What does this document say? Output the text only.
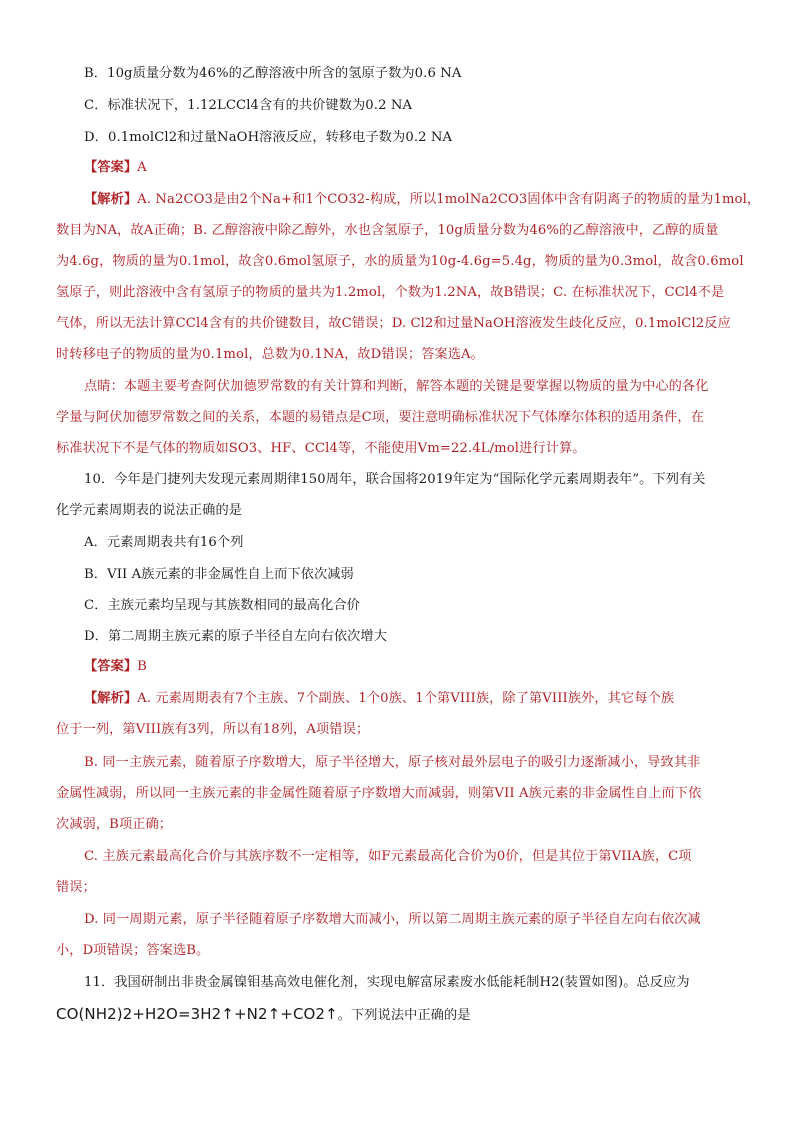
B．10g质量分数为46%的乙醇溶液中所含的氢原子数为0.6 NA
C．标准状况下，1.12LCCl4含有的共价键数为0.2 NA
D．0.1molCl2和过量NaOH溶液反应，转移电子数为0.2 NA
【答案】A
【解析】A. Na2CO3是由2个Na+和1个CO32-构成，所以1molNa2CO3固体中含有阴离子的物质的量为1mol，
数目为NA，故A正确；B. 乙醇溶液中除乙醇外，水也含氢原子，10g质量分数为46%的乙醇溶液中，乙醇的质量
为4.6g，物质的量为0.1mol，故含0.6mol氢原子，水的质量为10g-4.6g=5.4g，物质的量为0.3mol，故含0.6mol
氢原子，则此溶液中含有氢原子的物质的量共为1.2mol，个数为1.2NA，故B错误；C. 在标准状况下，CCl4不是
气体，所以无法计算CCl4含有的共价键数目，故C错误；D. Cl2和过量NaOH溶液发生歧化反应，0.1molCl2反应
时转移电子的物质的量为0.1mol，总数为0.1NA，故D错误；答案选A。
点睛：本题主要考查阿伏加德罗常数的有关计算和判断，解答本题的关键是要掌握以物质的量为中心的各化
学量与阿伏加德罗常数之间的关系，本题的易错点是C项，要注意明确标准状况下气体摩尔体积的适用条件，在
标准状况下不是气体的物质如SO3、HF、CCl4等，不能使用Vm=22.4L/mol进行计算。
10．今年是门捷列夫发现元素周期律150周年，联合国将2019年定为“国际化学元素周期表年”。下列有关
化学元素周期表的说法正确的是
A．元素周期表共有16个列
B．VII A族元素的非金属性自上而下依次减弱
C．主族元素均呈现与其族数相同的最高化合价
D．第二周期主族元素的原子半径自左向右依次增大
【答案】B
【解析】A. 元素周期表有7个主族、7个副族、1个0族、1个第VIII族，除了第VIII族外，其它每个族
位于一列，第VIII族有3列，所以有18列，A项错误；
B. 同一主族元素，随着原子序数增大，原子半径增大，原子核对最外层电子的吸引力逐渐减小，导致其非
金属性减弱，所以同一主族元素的非金属性随着原子序数增大而减弱，则第VII A族元素的非金属性自上而下依
次减弱，B项正确；
C. 主族元素最高化合价与其族序数不一定相等，如F元素最高化合价为0价，但是其位于第VIIA族，C项
错误；
D. 同一周期元素，原子半径随着原子序数增大而减小，所以第二周期主族元素的原子半径自左向右依次减
小，D项错误；答案选B。
11．我国研制出非贵金属镍钼基高效电催化剂，实现电解富尿素废水低能耗制H2(装置如图)。总反应为
CO(NH2)2+H2O=3H2↑+N2↑+CO2↑。下列说法中正确的是
